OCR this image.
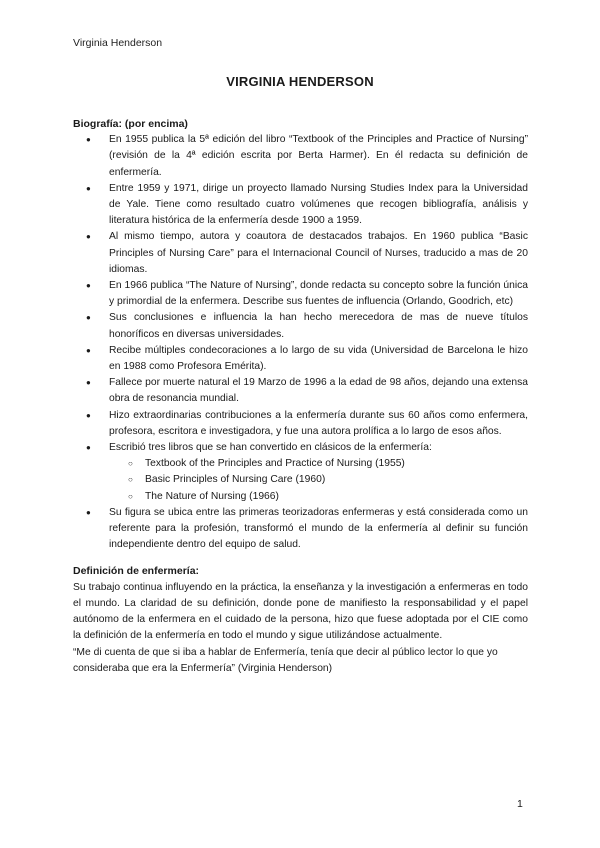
Virginia Henderson
VIRGINIA HENDERSON

Biografía: (por encima)

● En 1955 publica la 5ª edición del libro “Textbook of the Principles and Practice of Nursing” (revisión de la 4ª edición escrita por Berta Harmer). En él redacta su definición de enfermería.
● Entre 1959 y 1971, dirige un proyecto llamado Nursing Studies Index para la Universidad de Yale. Tiene como resultado cuatro volúmenes que recogen bibliografía, análisis y literatura histórica de la enfermería desde 1900 a 1959.
● Al mismo tiempo, autora y coautora de destacados trabajos. En 1960 publica “Basic Principles of Nursing Care” para el Internacional Council of Nurses, traducido a mas de 20 idiomas.
● En 1966 publica “The Nature of Nursing”, donde redacta su concepto sobre la función única y primordial de la enfermera. Describe sus fuentes de influencia (Orlando, Goodrich, etc)
● Sus conclusiones e influencia la han hecho merecedora de mas de nueve títulos honoríficos en diversas universidades.
● Recibe múltiples condecoraciones a lo largo de su vida (Universidad de Barcelona le hizo en 1988 como Profesora Emérita).
● Fallece por muerte natural el 19 Marzo de 1996 a la edad de 98 años, dejando una extensa obra de resonancia mundial.
● Hizo extraordinarias contribuciones a la enfermería durante sus 60 años como enfermera, profesora, escritora e investigadora, y fue una autora prolífica a lo largo de esos años.
● Escribió tres libros que se han convertido en clásicos de la enfermería:
○ Textbook of the Principles and Practice of Nursing (1955)
○ Basic Principles of Nursing Care (1960)
○ The Nature of Nursing (1966)
● Su figura se ubica entre las primeras teorizadoras enfermeras y está considerada como un referente para la profesión, transformó el mundo de la enfermería al definir su función independiente dentro del equipo de salud.

Definición de enfermería:

Su trabajo continua influyendo en la práctica, la enseñanza y la investigación a enfermeras en todo el mundo. La claridad de su definición, donde pone de manifiesto la responsabilidad y el papel autónomo de la enfermera en el cuidado de la persona, hizo que fuese adoptada por el CIE como la definición de la enfermería en todo el mundo y sigue utilizándose actualmente.

“Me di cuenta de que si iba a hablar de Enfermería, tenía que decir al público lector lo que yo consideraba que era la Enfermería” (Virginia Henderson)

1
